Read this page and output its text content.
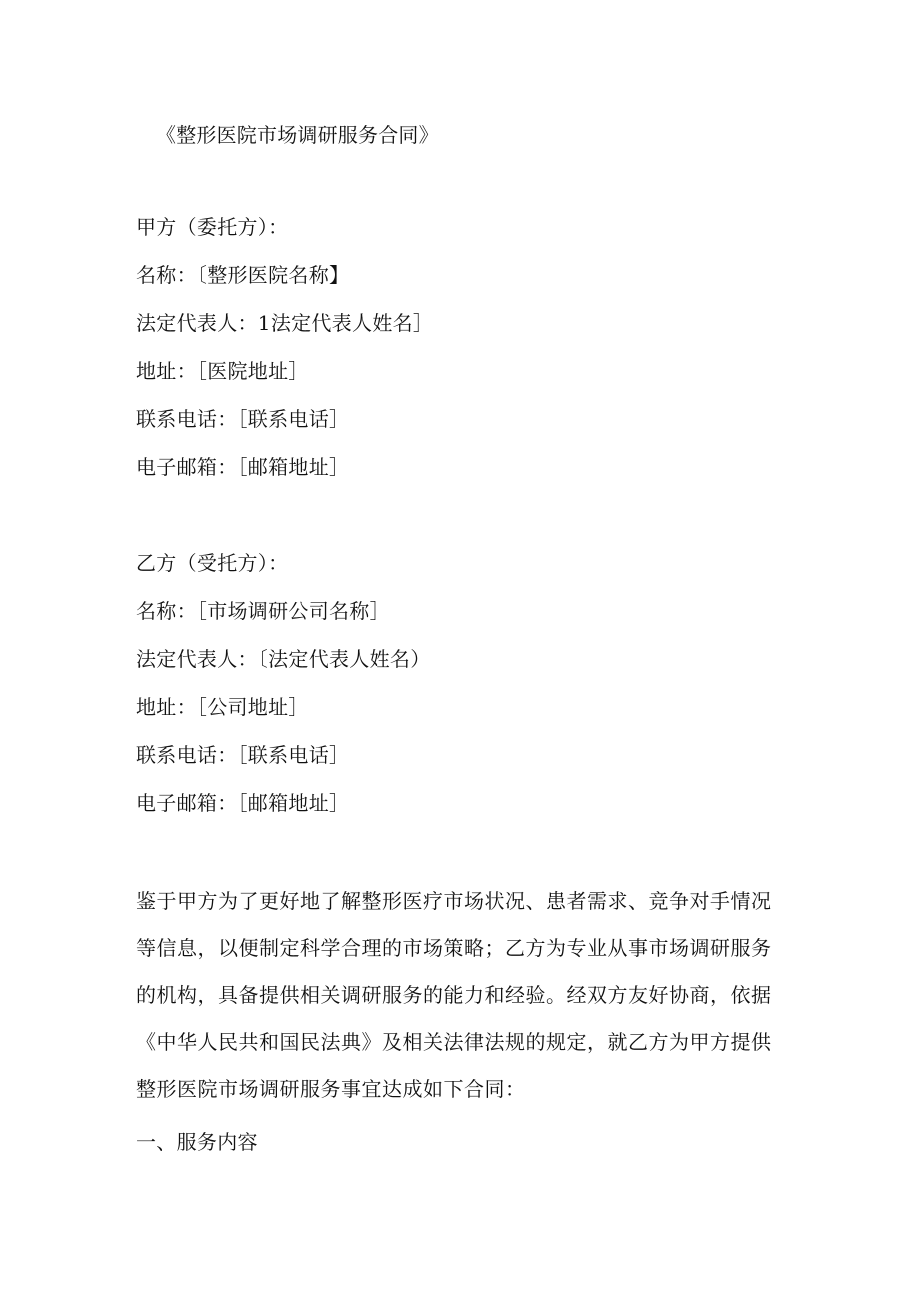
《整形医院市场调研服务合同》
甲方（委托方）：
名称：〔整形医院名称】
法定代表人：1法定代表人姓名］
地址：［医院地址］
联系电话：［联系电话］
电子邮箱：［邮箱地址］
乙方（受托方）：
名称：［市场调研公司名称］
法定代表人：〔法定代表人姓名）
地址：［公司地址］
联系电话：［联系电话］
电子邮箱：［邮箱地址］
鉴于甲方为了更好地了解整形医疗市场状况、患者需求、竞争对手情况
等信息，以便制定科学合理的市场策略；乙方为专业从事市场调研服务
的机构，具备提供相关调研服务的能力和经验。经双方友好协商，依据
《中华人民共和国民法典》及相关法律法规的规定，就乙方为甲方提供
整形医院市场调研服务事宜达成如下合同：
一、服务内容
